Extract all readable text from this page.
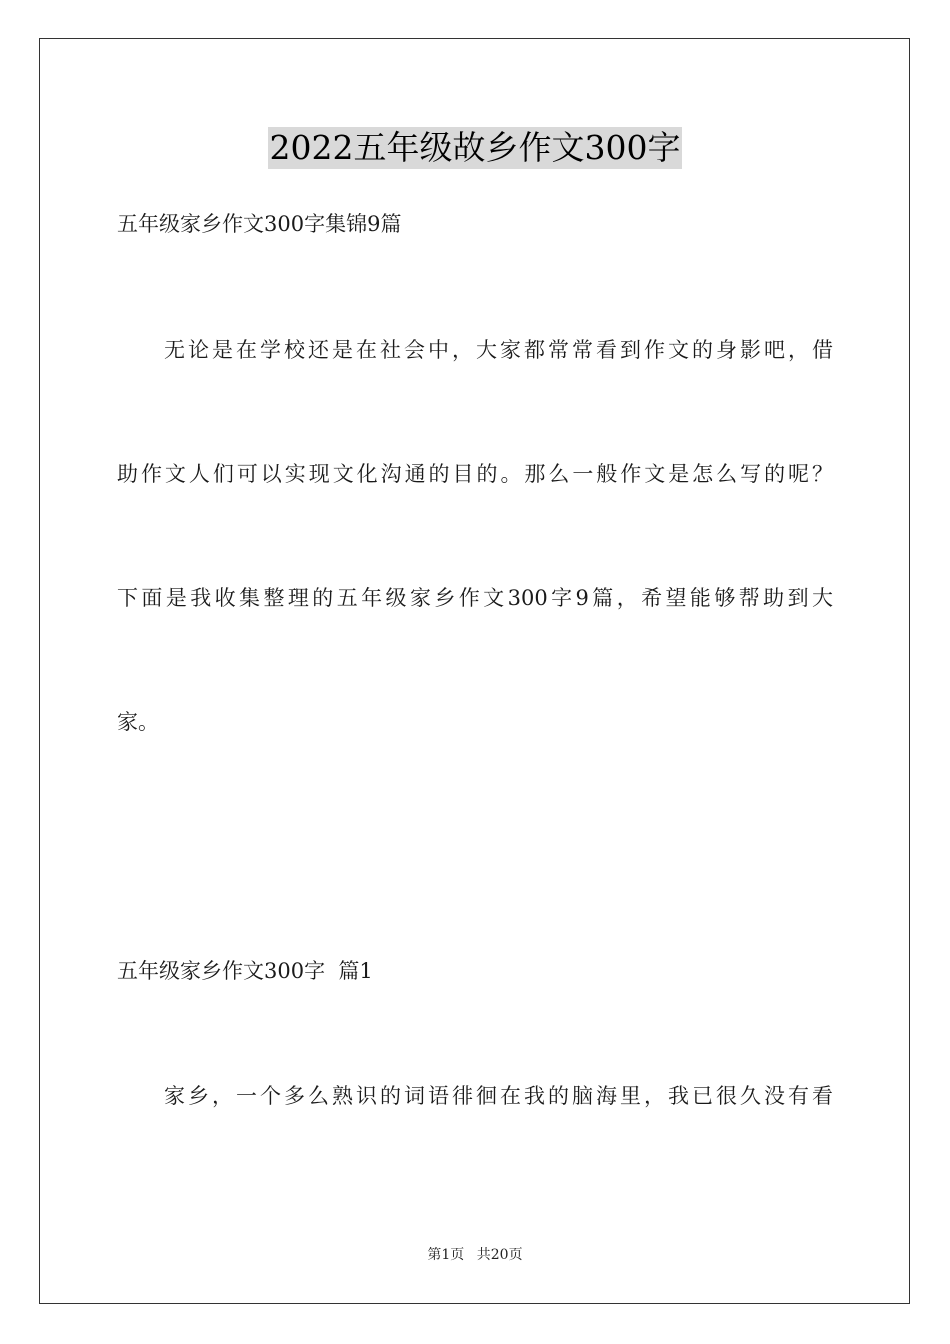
2022五年级故乡作文300字
五年级家乡作文300字集锦9篇
无论是在学校还是在社会中，大家都常常看到作文的身影吧，借
助作文人们可以实现文化沟通的目的。那么一般作文是怎么写的呢？
下面是我收集整理的五年级家乡作文300字9篇，希望能够帮助到大
家。
五年级家乡作文300字  篇1
家乡，一个多么熟识的词语徘徊在我的脑海里，我已很久没有看
第1页 共20页
